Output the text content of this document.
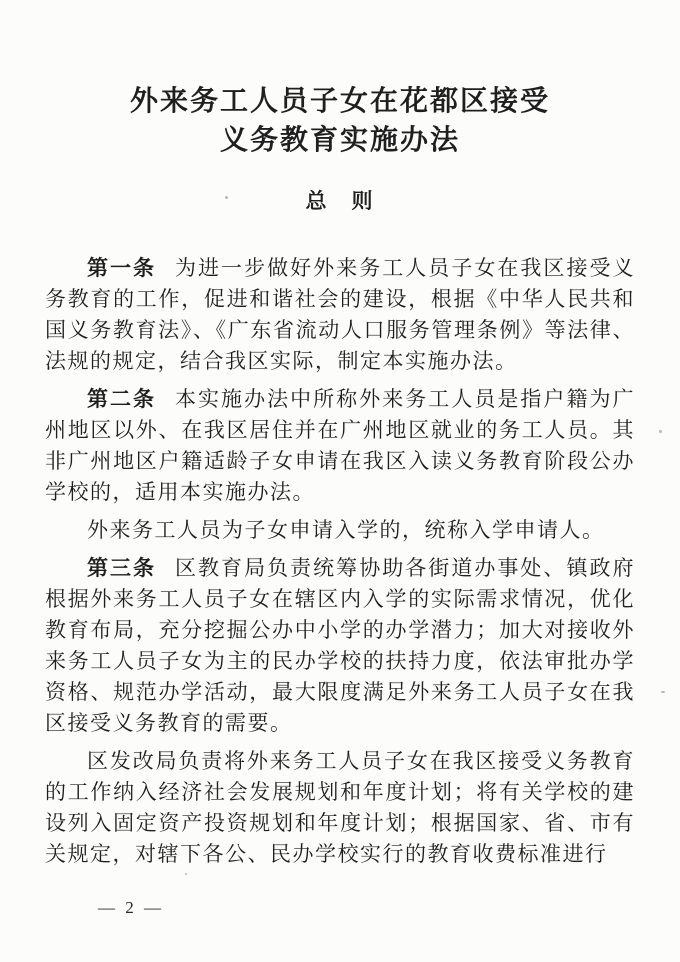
外来务工人员子女在花都区接受
义务教育实施办法
总　则

第一条 为进一步做好外来务工人员子女在我区接受义务教育的工作，促进和谐社会的建设，根据《中华人民共和国义务教育法》、《广东省流动人口服务管理条例》等法律、法规的规定，结合我区实际，制定本实施办法。

第二条 本实施办法中所称外来务工人员是指户籍为广州地区以外、在我区居住并在广州地区就业的务工人员。其非广州地区户籍适龄子女申请在我区入读义务教育阶段公办学校的，适用本实施办法。

外来务工人员为子女申请入学的，统称入学申请人。

第三条 区教育局负责统筹协助各街道办事处、镇政府根据外来务工人员子女在辖区内入学的实际需求情况，优化教育布局，充分挖掘公办中小学的办学潜力；加大对接收外来务工人员子女为主的民办学校的扶持力度，依法审批办学资格、规范办学活动，最大限度满足外来务工人员子女在我区接受义务教育的需要。

区发改局负责将外来务工人员子女在我区接受义务教育的工作纳入经济社会发展规划和年度计划；将有关学校的建设列入固定资产投资规划和年度计划；根据国家、省、市有关规定，对辖下各公、民办学校实行的教育收费标准进行

— 2 —
